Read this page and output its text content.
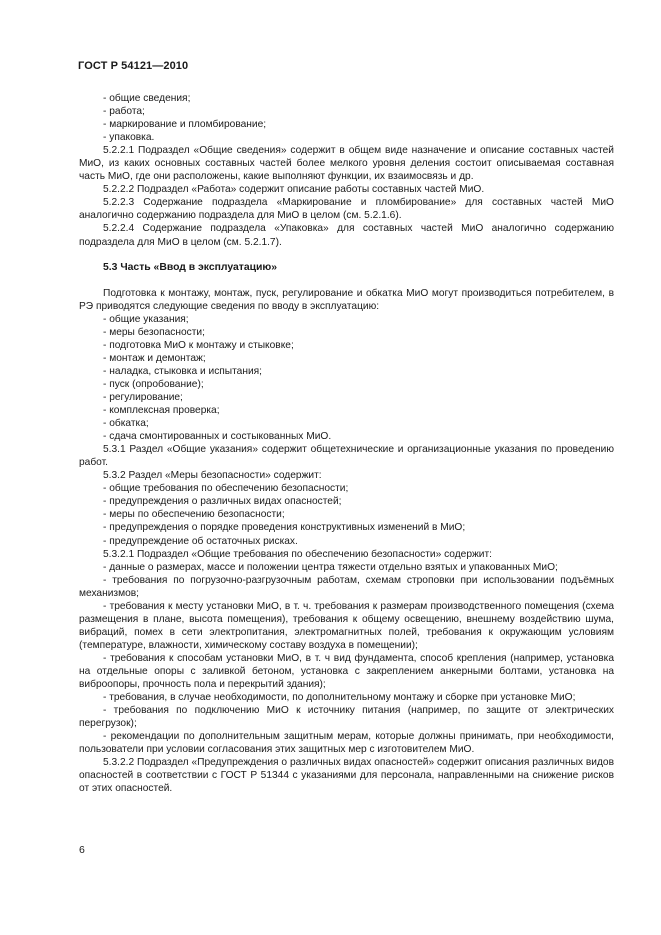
ГОСТ Р 54121—2010
- общие сведения;
- работа;
- маркирование и пломбирование;
- упаковка.
5.2.2.1 Подраздел «Общие сведения» содержит в общем виде назначение и описание составных частей МиО, из каких основных составных частей более мелкого уровня деления состоит описываемая составная часть МиО, где они расположены, какие выполняют функции, их взаимосвязь и др.
5.2.2.2 Подраздел «Работа» содержит описание работы составных частей МиО.
5.2.2.3 Содержание подраздела «Маркирование и пломбирование» для составных частей МиО аналогично содержанию подраздела для МиО в целом (см. 5.2.1.6).
5.2.2.4 Содержание подраздела «Упаковка» для составных частей МиО аналогично содержанию подраздела для МиО в целом (см. 5.2.1.7).
5.3 Часть «Ввод в эксплуатацию»
Подготовка к монтажу, монтаж, пуск, регулирование и обкатка МиО могут производиться потребителем, в РЭ приводятся следующие сведения по вводу в эксплуатацию:
- общие указания;
- меры безопасности;
- подготовка МиО к монтажу и стыковке;
- монтаж и демонтаж;
- наладка, стыковка и испытания;
- пуск (опробование);
- регулирование;
- комплексная проверка;
- обкатка;
- сдача смонтированных и состыкованных МиО.
5.3.1 Раздел «Общие указания» содержит общетехнические и организационные указания по проведению работ.
5.3.2 Раздел «Меры безопасности» содержит:
- общие требования по обеспечению безопасности;
- предупреждения о различных видах опасностей;
- меры по обеспечению безопасности;
- предупреждения о порядке проведения конструктивных изменений в МиО;
- предупреждение об остаточных рисках.
5.3.2.1 Подраздел «Общие требования по обеспечению безопасности» содержит:
- данные о размерах, массе и положении центра тяжести отдельно взятых и упакованных МиО;
- требования по погрузочно-разгрузочным работам, схемам строповки при использовании подъёмных механизмов;
- требования к месту установки МиО, в т. ч. требования к размерам производственного помещения (схема размещения в плане, высота помещения), требования к общему освещению, внешнему воздействию шума, вибраций, помех в сети электропитания, электромагнитных полей, требования к окружающим условиям (температуре, влажности, химическому составу воздуха в помещении);
- требования к способам установки МиО, в т. ч вид фундамента, способ крепления (например, установка на отдельные опоры с заливкой бетоном, установка с закреплением анкерными болтами, установка на виброопоры, прочность пола и перекрытий здания);
- требования, в случае необходимости, по дополнительному монтажу и сборке при установке МиО;
- требования по подключению МиО к источнику питания (например, по защите от электрических перегрузок);
- рекомендации по дополнительным защитным мерам, которые должны принимать, при необходимости, пользователи при условии согласования этих защитных мер с изготовителем МиО.
5.3.2.2 Подраздел «Предупреждения о различных видах опасностей» содержит описания различных видов опасностей в соответствии с ГОСТ Р 51344 с указаниями для персонала, направленными на снижение рисков от этих опасностей.
6
